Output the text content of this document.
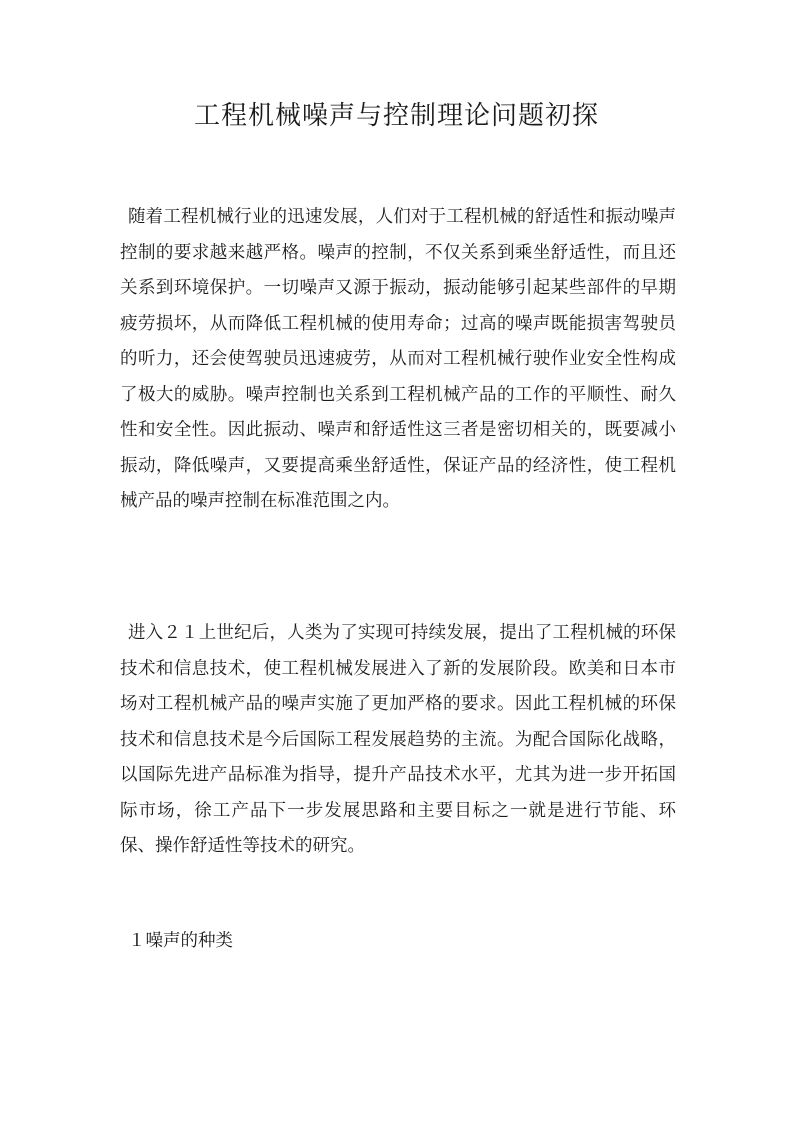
工程机械噪声与控制理论问题初探

随着工程机械行业的迅速发展，人们对于工程机械的舒适性和振动噪声控制的要求越来越严格。噪声的控制，不仅关系到乘坐舒适性，而且还关系到环境保护。一切噪声又源于振动，振动能够引起某些部件的早期疲劳损坏，从而降低工程机械的使用寿命；过高的噪声既能损害驾驶员的听力，还会使驾驶员迅速疲劳，从而对工程机械行驶作业安全性构成了极大的威胁。噪声控制也关系到工程机械产品的工作的平顺性、耐久性和安全性。因此振动、噪声和舒适性这三者是密切相关的，既要减小振动，降低噪声，又要提高乘坐舒适性，保证产品的经济性，使工程机械产品的噪声控制在标准范围之内。

进入２１上世纪后，人类为了实现可持续发展，提出了工程机械的环保技术和信息技术，使工程机械发展进入了新的发展阶段。欧美和日本市场对工程机械产品的噪声实施了更加严格的要求。因此工程机械的环保技术和信息技术是今后国际工程发展趋势的主流。为配合国际化战略，以国际先进产品标准为指导，提升产品技术水平，尤其为进一步开拓国际市场，徐工产品下一步发展思路和主要目标之一就是进行节能、环保、操作舒适性等技术的研究。

１噪声的种类
